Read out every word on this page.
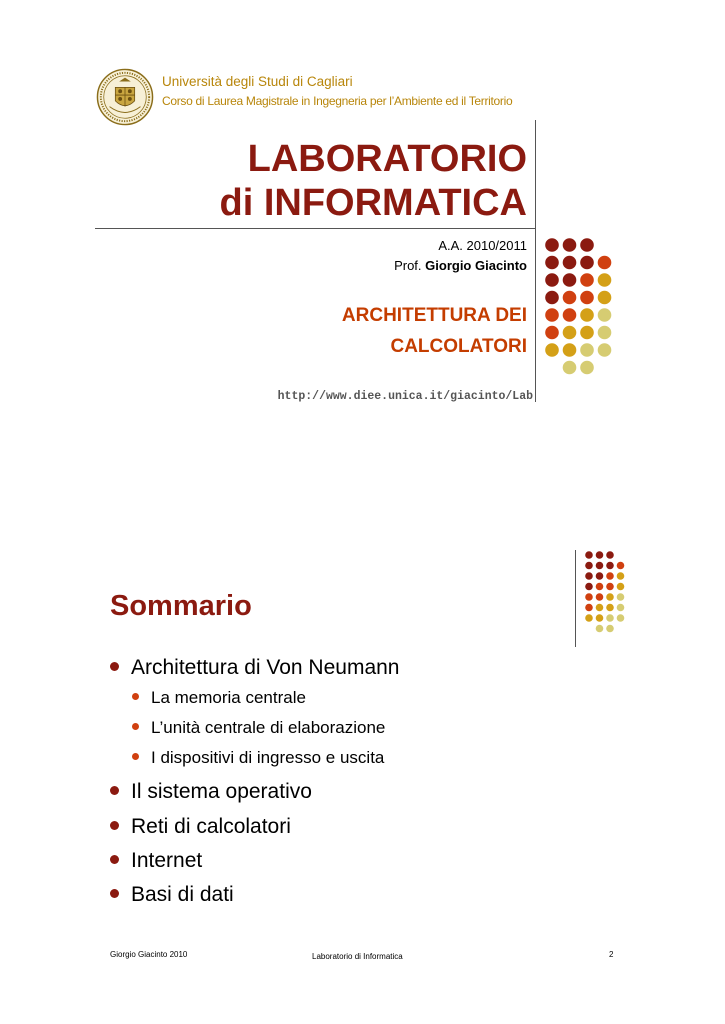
Università degli Studi di Cagliari
Corso di Laurea Magistrale in Ingegneria per l’Ambiente ed il Territorio
LABORATORIO
di INFORMATICA
A.A. 2010/2011
Prof. Giorgio Giacinto
ARCHITETTURA DEI
CALCOLATORI
http://www.diee.unica.it/giacinto/Lab
Sommario
Architettura di Von Neumann
La memoria centrale
L’unità centrale di elaborazione
I dispositivi di ingresso e uscita
Il sistema operativo
Reti di calcolatori
Internet
Basi di dati
Giorgio Giacinto 2010	Laboratorio di Informatica	2
